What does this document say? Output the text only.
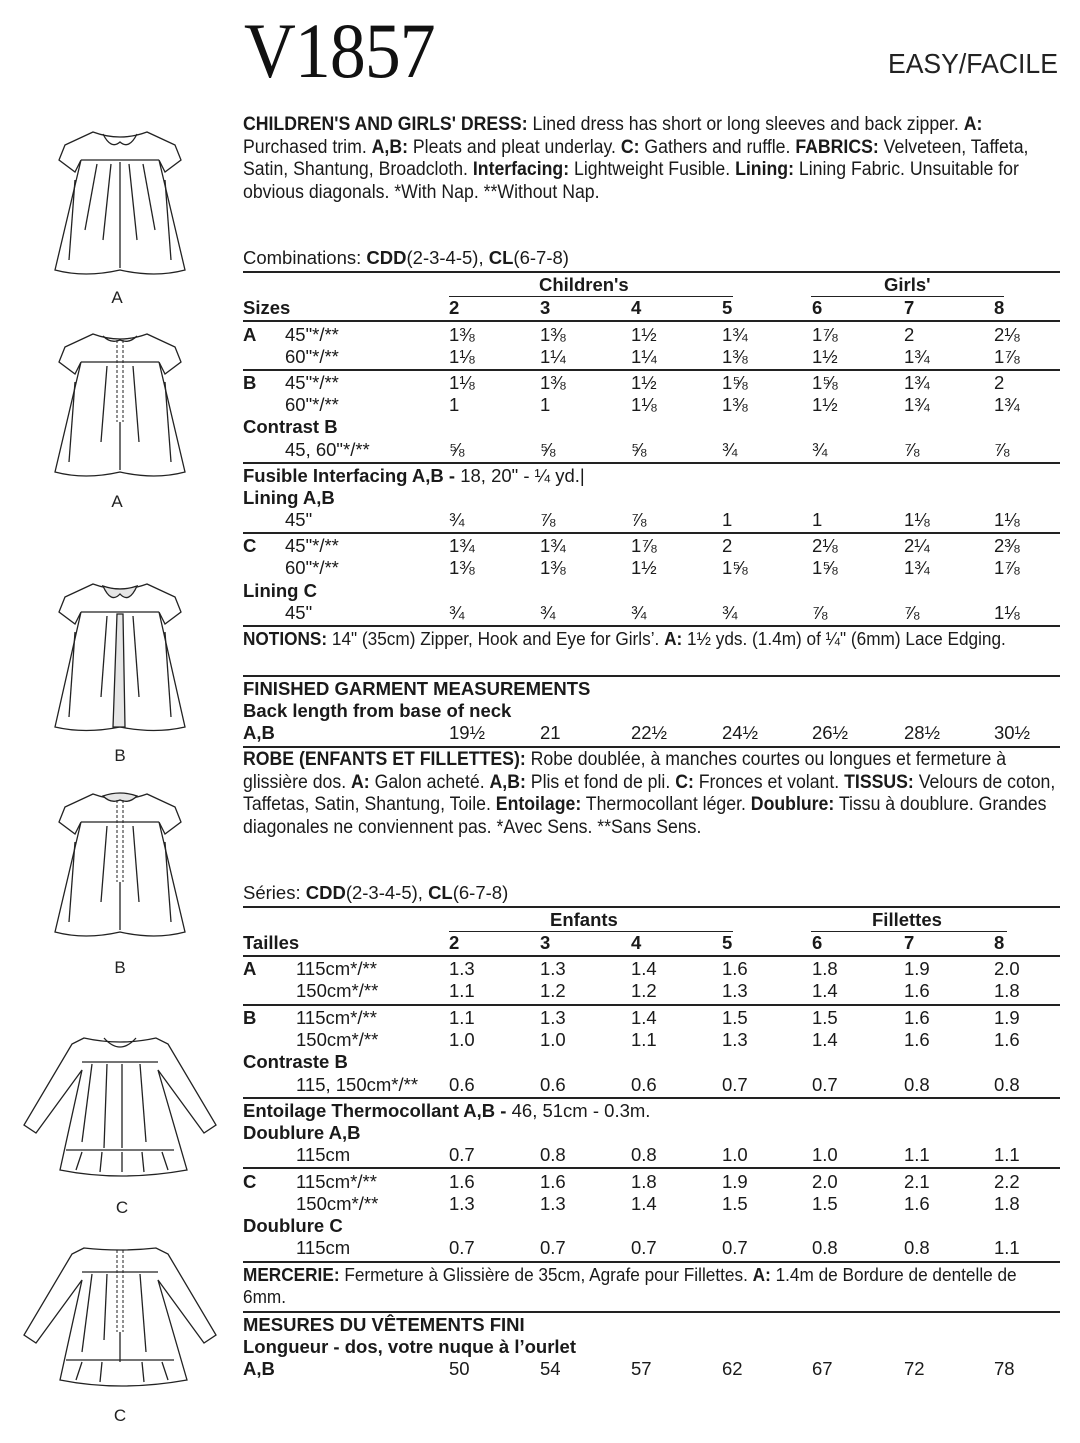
V1857	EASY/FACILE
A
A
B
B
C
C
CHILDREN'S AND GIRLS' DRESS: Lined dress has short or long sleeves and back zipper. A: Purchased trim. A,B: Pleats and pleat underlay. C: Gathers and ruffle. FABRICS: Velveteen, Taffeta, Satin, Shantung, Broadcloth. Interfacing: Lightweight Fusible. Lining: Lining Fabric. Unsuitable for obvious diagonals. *With Nap. **Without Nap.
Combinations: CDD(2-3-4-5), CL(6-7-8)
Children's	Girls'
Sizes	2	3	4	5	6	7	8
A 45"*/**	1⅜	1⅜	1½	1¾	1⅞	2	2⅛
60"*/**	1⅛	1¼	1¼	1⅜	1½	1¾	1⅞
B 45"*/**	1⅛	1⅜	1½	1⅝	1⅝	1¾	2
60"*/**	1	1	1⅛	1⅜	1½	1¾	1¾
Contrast B
45, 60"*/**	⅝	⅝	⅝	¾	¾	⅞	⅞
Fusible Interfacing A,B - 18, 20" - ¼ yd.|
Lining A,B
45"	¾	⅞	⅞	1	1	1⅛	1⅛
C 45"*/**	1¾	1¾	1⅞	2	2⅛	2¼	2⅜
60"*/**	1⅜	1⅜	1½	1⅝	1⅝	1¾	1⅞
Lining C
45"	¾	¾	¾	¾	⅞	⅞	1⅛
NOTIONS: 14" (35cm) Zipper, Hook and Eye for Girls’. A: 1½ yds. (1.4m) of ¼" (6mm) Lace Edging.
FINISHED GARMENT MEASUREMENTS
Back length from base of neck
A,B	19½	21	22½	24½	26½	28½	30½
ROBE (ENFANTS ET FILLETTES): Robe doublée, à manches courtes ou longues et fermeture à glissière dos. A: Galon acheté. A,B: Plis et fond de pli. C: Fronces et volant. TISSUS: Velours de coton, Taffetas, Satin, Shantung, Toile. Entoilage: Thermocollant léger. Doublure: Tissu à doublure. Grandes diagonales ne conviennent pas. *Avec Sens. **Sans Sens.
Séries: CDD(2-3-4-5), CL(6-7-8)
Enfants	Fillettes
Tailles	2	3	4	5	6	7	8
A 115cm*/**	1.3	1.3	1.4	1.6	1.8	1.9	2.0
150cm*/**	1.1	1.2	1.2	1.3	1.4	1.6	1.8
B 115cm*/**	1.1	1.3	1.4	1.5	1.5	1.6	1.9
150cm*/**	1.0	1.0	1.1	1.3	1.4	1.6	1.6
Contraste B
115, 150cm*/** 0.6	0.6	0.6	0.7	0.7	0.8	0.8
Entoilage Thermocollant A,B - 46, 51cm - 0.3m.
Doublure A,B
115cm	0.7	0.8	0.8	1.0	1.0	1.1	1.1
C 115cm*/**	1.6	1.6	1.8	1.9	2.0	2.1	2.2
150cm*/**	1.3	1.3	1.4	1.5	1.5	1.6	1.8
Doublure C
115cm	0.7	0.7	0.7	0.7	0.8	0.8	1.1
MERCERIE: Fermeture à Glissière de 35cm, Agrafe pour Fillettes. A: 1.4m de Bordure de dentelle de 6mm.
MESURES DU VÊTEMENTS FINI
Longueur - dos, votre nuque à l’ourlet
A,B	50	54	57	62	67	72	78
